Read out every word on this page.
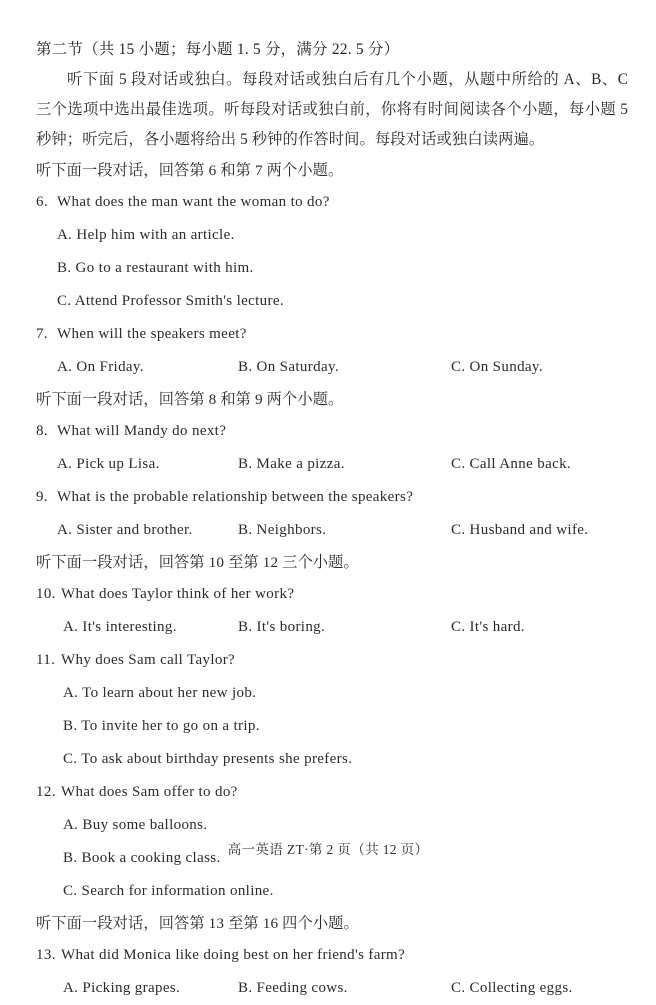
第二节（共 15 小题；每小题 1. 5 分，满分 22. 5 分）
听下面 5 段对话或独白。每段对话或独白后有几个小题，从题中所给的 A、B、C 三个选项中选出最佳选项。听每段对话或独白前，你将有时间阅读各个小题，每小题 5 秒钟；听完后，各小题将给出 5 秒钟的作答时间。每段对话或独白读两遍。
听下面一段对话，回答第 6 和第 7 两个小题。
6. What does the man want the woman to do?
A. Help him with an article.
B. Go to a restaurant with him.
C. Attend Professor Smith's lecture.
7. When will the speakers meet?
A. On Friday.	B. On Saturday.	C. On Sunday.
听下面一段对话，回答第 8 和第 9 两个小题。
8. What will Mandy do next?
A. Pick up Lisa.	B. Make a pizza.	C. Call Anne back.
9. What is the probable relationship between the speakers?
A. Sister and brother.	B. Neighbors.	C. Husband and wife.
听下面一段对话，回答第 10 至第 12 三个小题。
10. What does Taylor think of her work?
A. It's interesting.	B. It's boring.	C. It's hard.
11. Why does Sam call Taylor?
A. To learn about her new job.
B. To invite her to go on a trip.
C. To ask about birthday presents she prefers.
12. What does Sam offer to do?
A. Buy some balloons.
B. Book a cooking class.
C. Search for information online.
听下面一段对话，回答第 13 至第 16 四个小题。
13. What did Monica like doing best on her friend's farm?
A. Picking grapes.	B. Feeding cows.	C. Collecting eggs.
高一英语 ZT·第 2 页（共 12 页）
